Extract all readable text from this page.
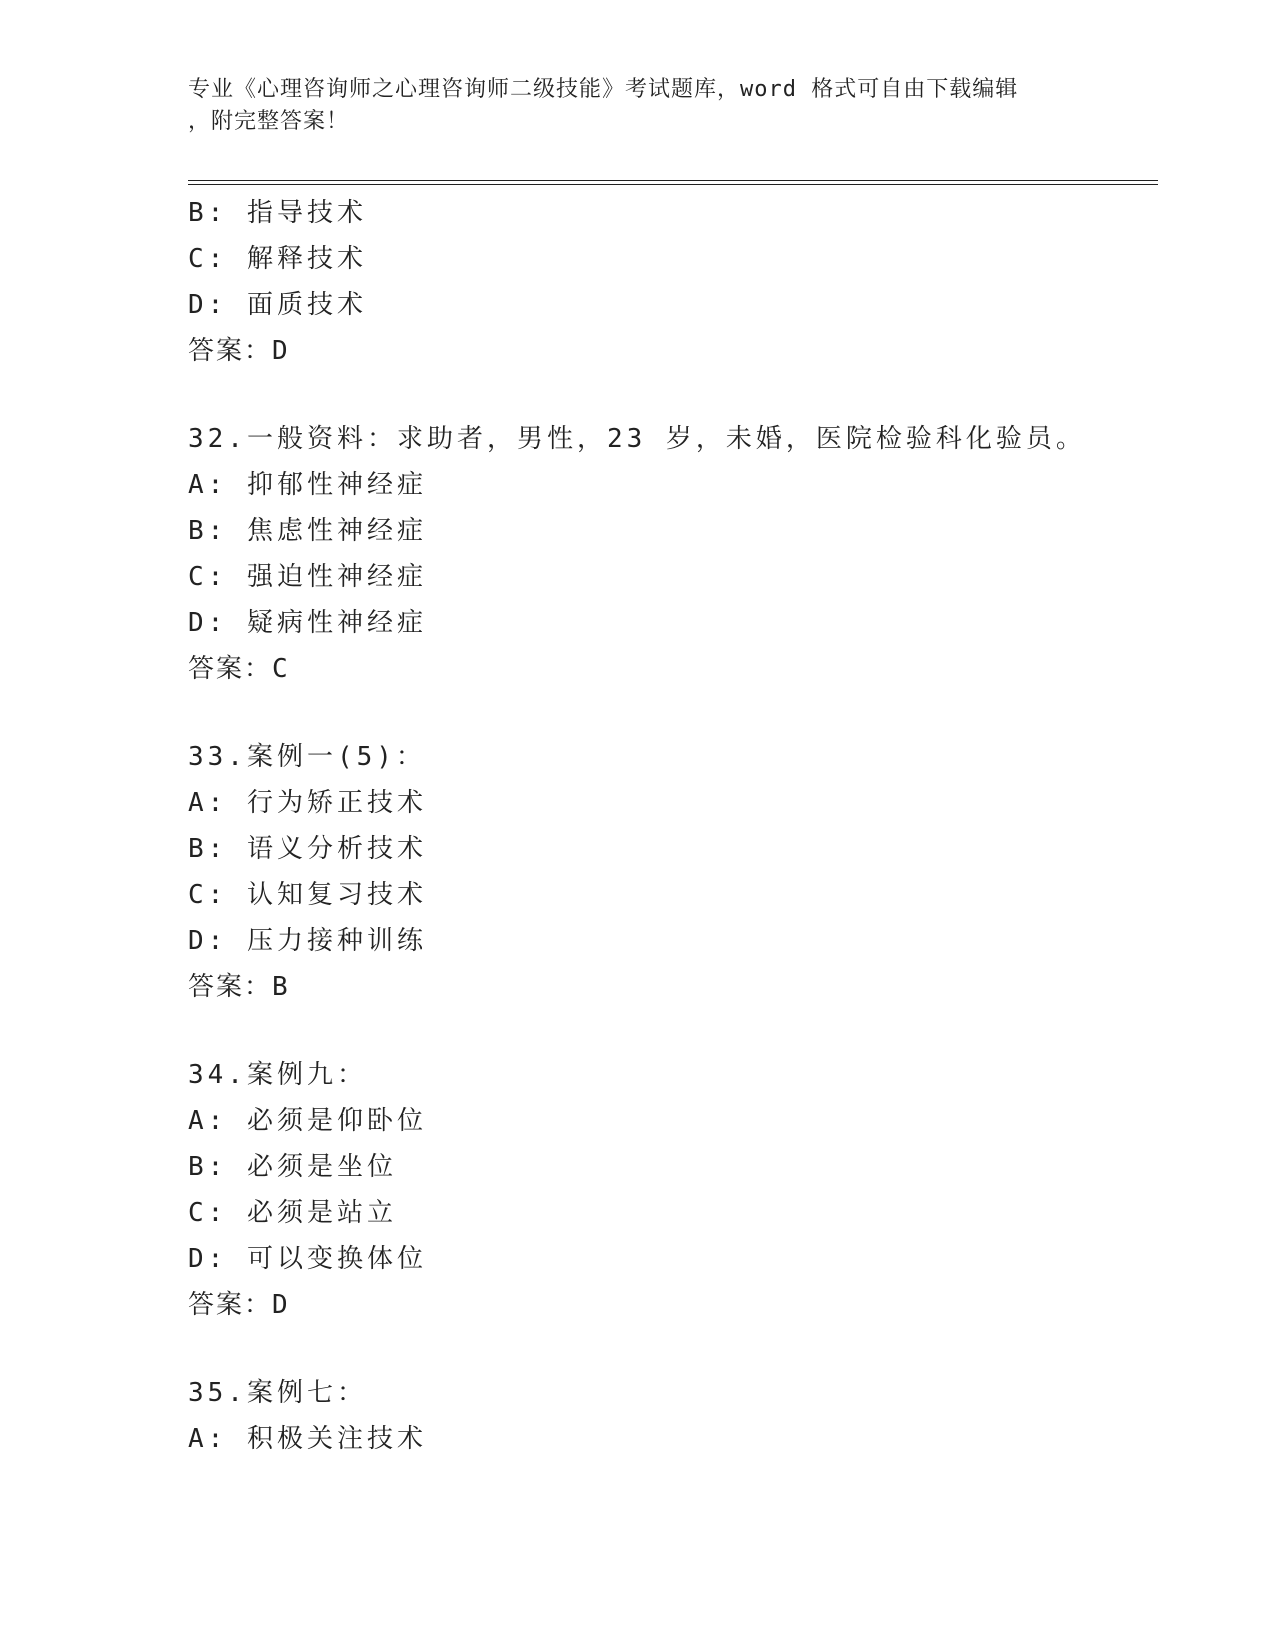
专业《心理咨询师之心理咨询师二级技能》考试题库，word 格式可自由下载编辑
，附完整答案！
B: 指导技术
C: 解释技术
D: 面质技术
答案：D
32.一般资料：求助者，男性，23 岁，未婚，医院检验科化验员。
A: 抑郁性神经症
B: 焦虑性神经症
C: 强迫性神经症
D: 疑病性神经症
答案：C
33.案例一(5)：
A: 行为矫正技术
B: 语义分析技术
C: 认知复习技术
D: 压力接种训练
答案：B
34.案例九：
A: 必须是仰卧位
B: 必须是坐位
C: 必须是站立
D: 可以变换体位
答案：D
35.案例七：
A: 积极关注技术
